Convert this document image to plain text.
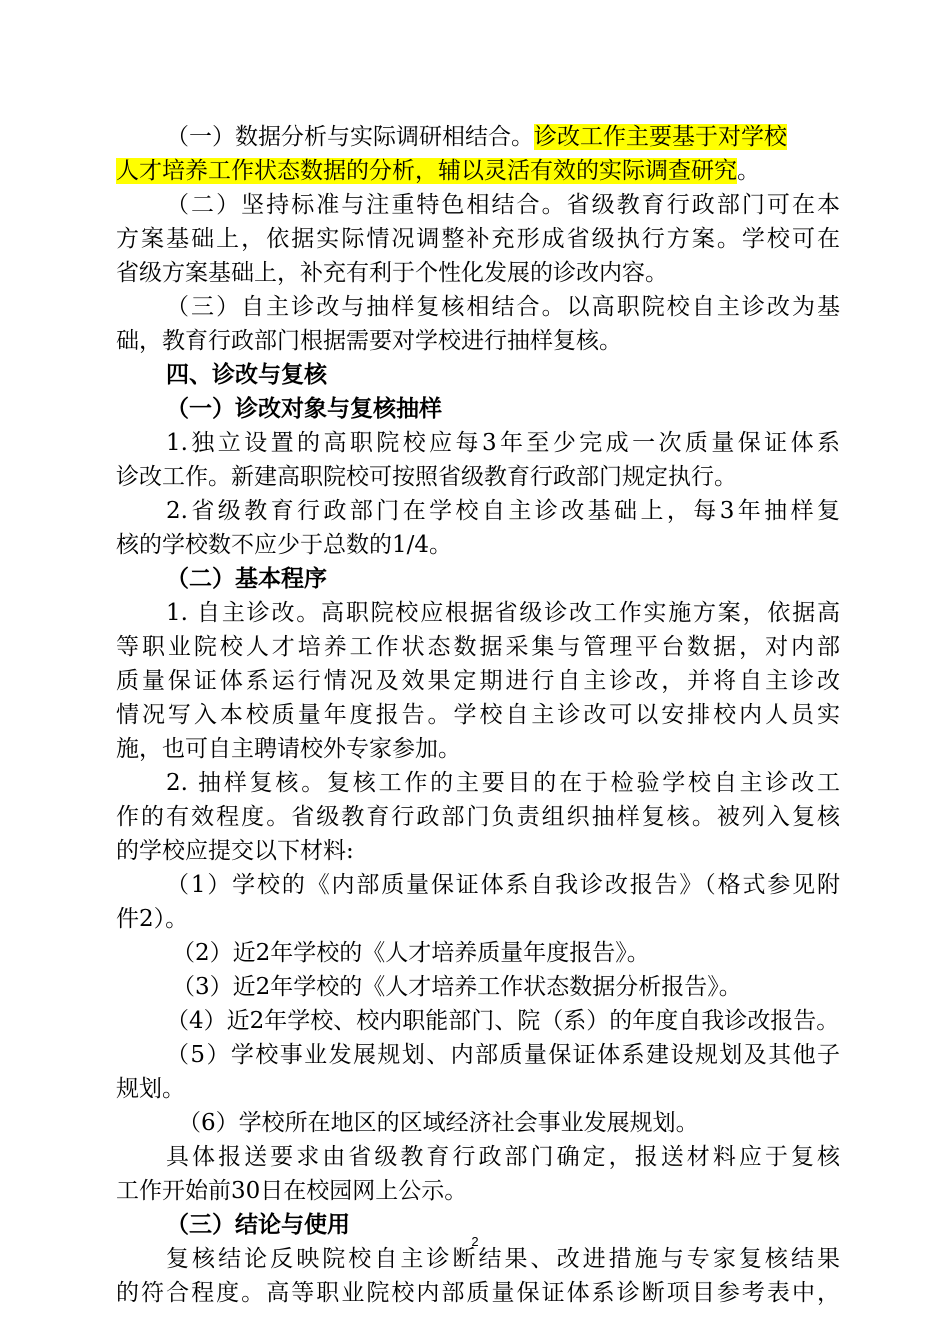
（一）数据分析与实际调研相结合。诊改工作主要基于对学校
人才培养工作状态数据的分析，辅以灵活有效的实际调查研究。
（二）坚持标准与注重特色相结合。省级教育行政部门可在本
方案基础上，依据实际情况调整补充形成省级执行方案。学校可在
省级方案基础上，补充有利于个性化发展的诊改内容。
（三）自主诊改与抽样复核相结合。以高职院校自主诊改为基
础，教育行政部门根据需要对学校进行抽样复核。
四、诊改与复核
（一）诊改对象与复核抽样
1.独立设置的高职院校应每3年至少完成一次质量保证体系
诊改工作。新建高职院校可按照省级教育行政部门规定执行。
2.省级教育行政部门在学校自主诊改基础上，每3年抽样复
核的学校数不应少于总数的1/4。
（二）基本程序
1. 自主诊改。高职院校应根据省级诊改工作实施方案，依据高
等职业院校人才培养工作状态数据采集与管理平台数据，对内部
质量保证体系运行情况及效果定期进行自主诊改，并将自主诊改
情况写入本校质量年度报告。学校自主诊改可以安排校内人员实
施，也可自主聘请校外专家参加。
2. 抽样复核。复核工作的主要目的在于检验学校自主诊改工
作的有效程度。省级教育行政部门负责组织抽样复核。被列入复核
的学校应提交以下材料:
（1）学校的《内部质量保证体系自我诊改报告》（格式参见附
件2）。
（2）近2年学校的《人才培养质量年度报告》。
（3）近2年学校的《人才培养工作状态数据分析报告》。
（4）近2年学校、校内职能部门、院（系）的年度自我诊改报告。
（5）学校事业发展规划、内部质量保证体系建设规划及其他子
规划。
（6）学校所在地区的区域经济社会事业发展规划。
具体报送要求由省级教育行政部门确定，报送材料应于复核
工作开始前30日在校园网上公示。
（三）结论与使用
复核结论反映院校自主诊断结果、改进措施与专家复核结果
的符合程度。高等职业院校内部质量保证体系诊断项目参考表中，
2
